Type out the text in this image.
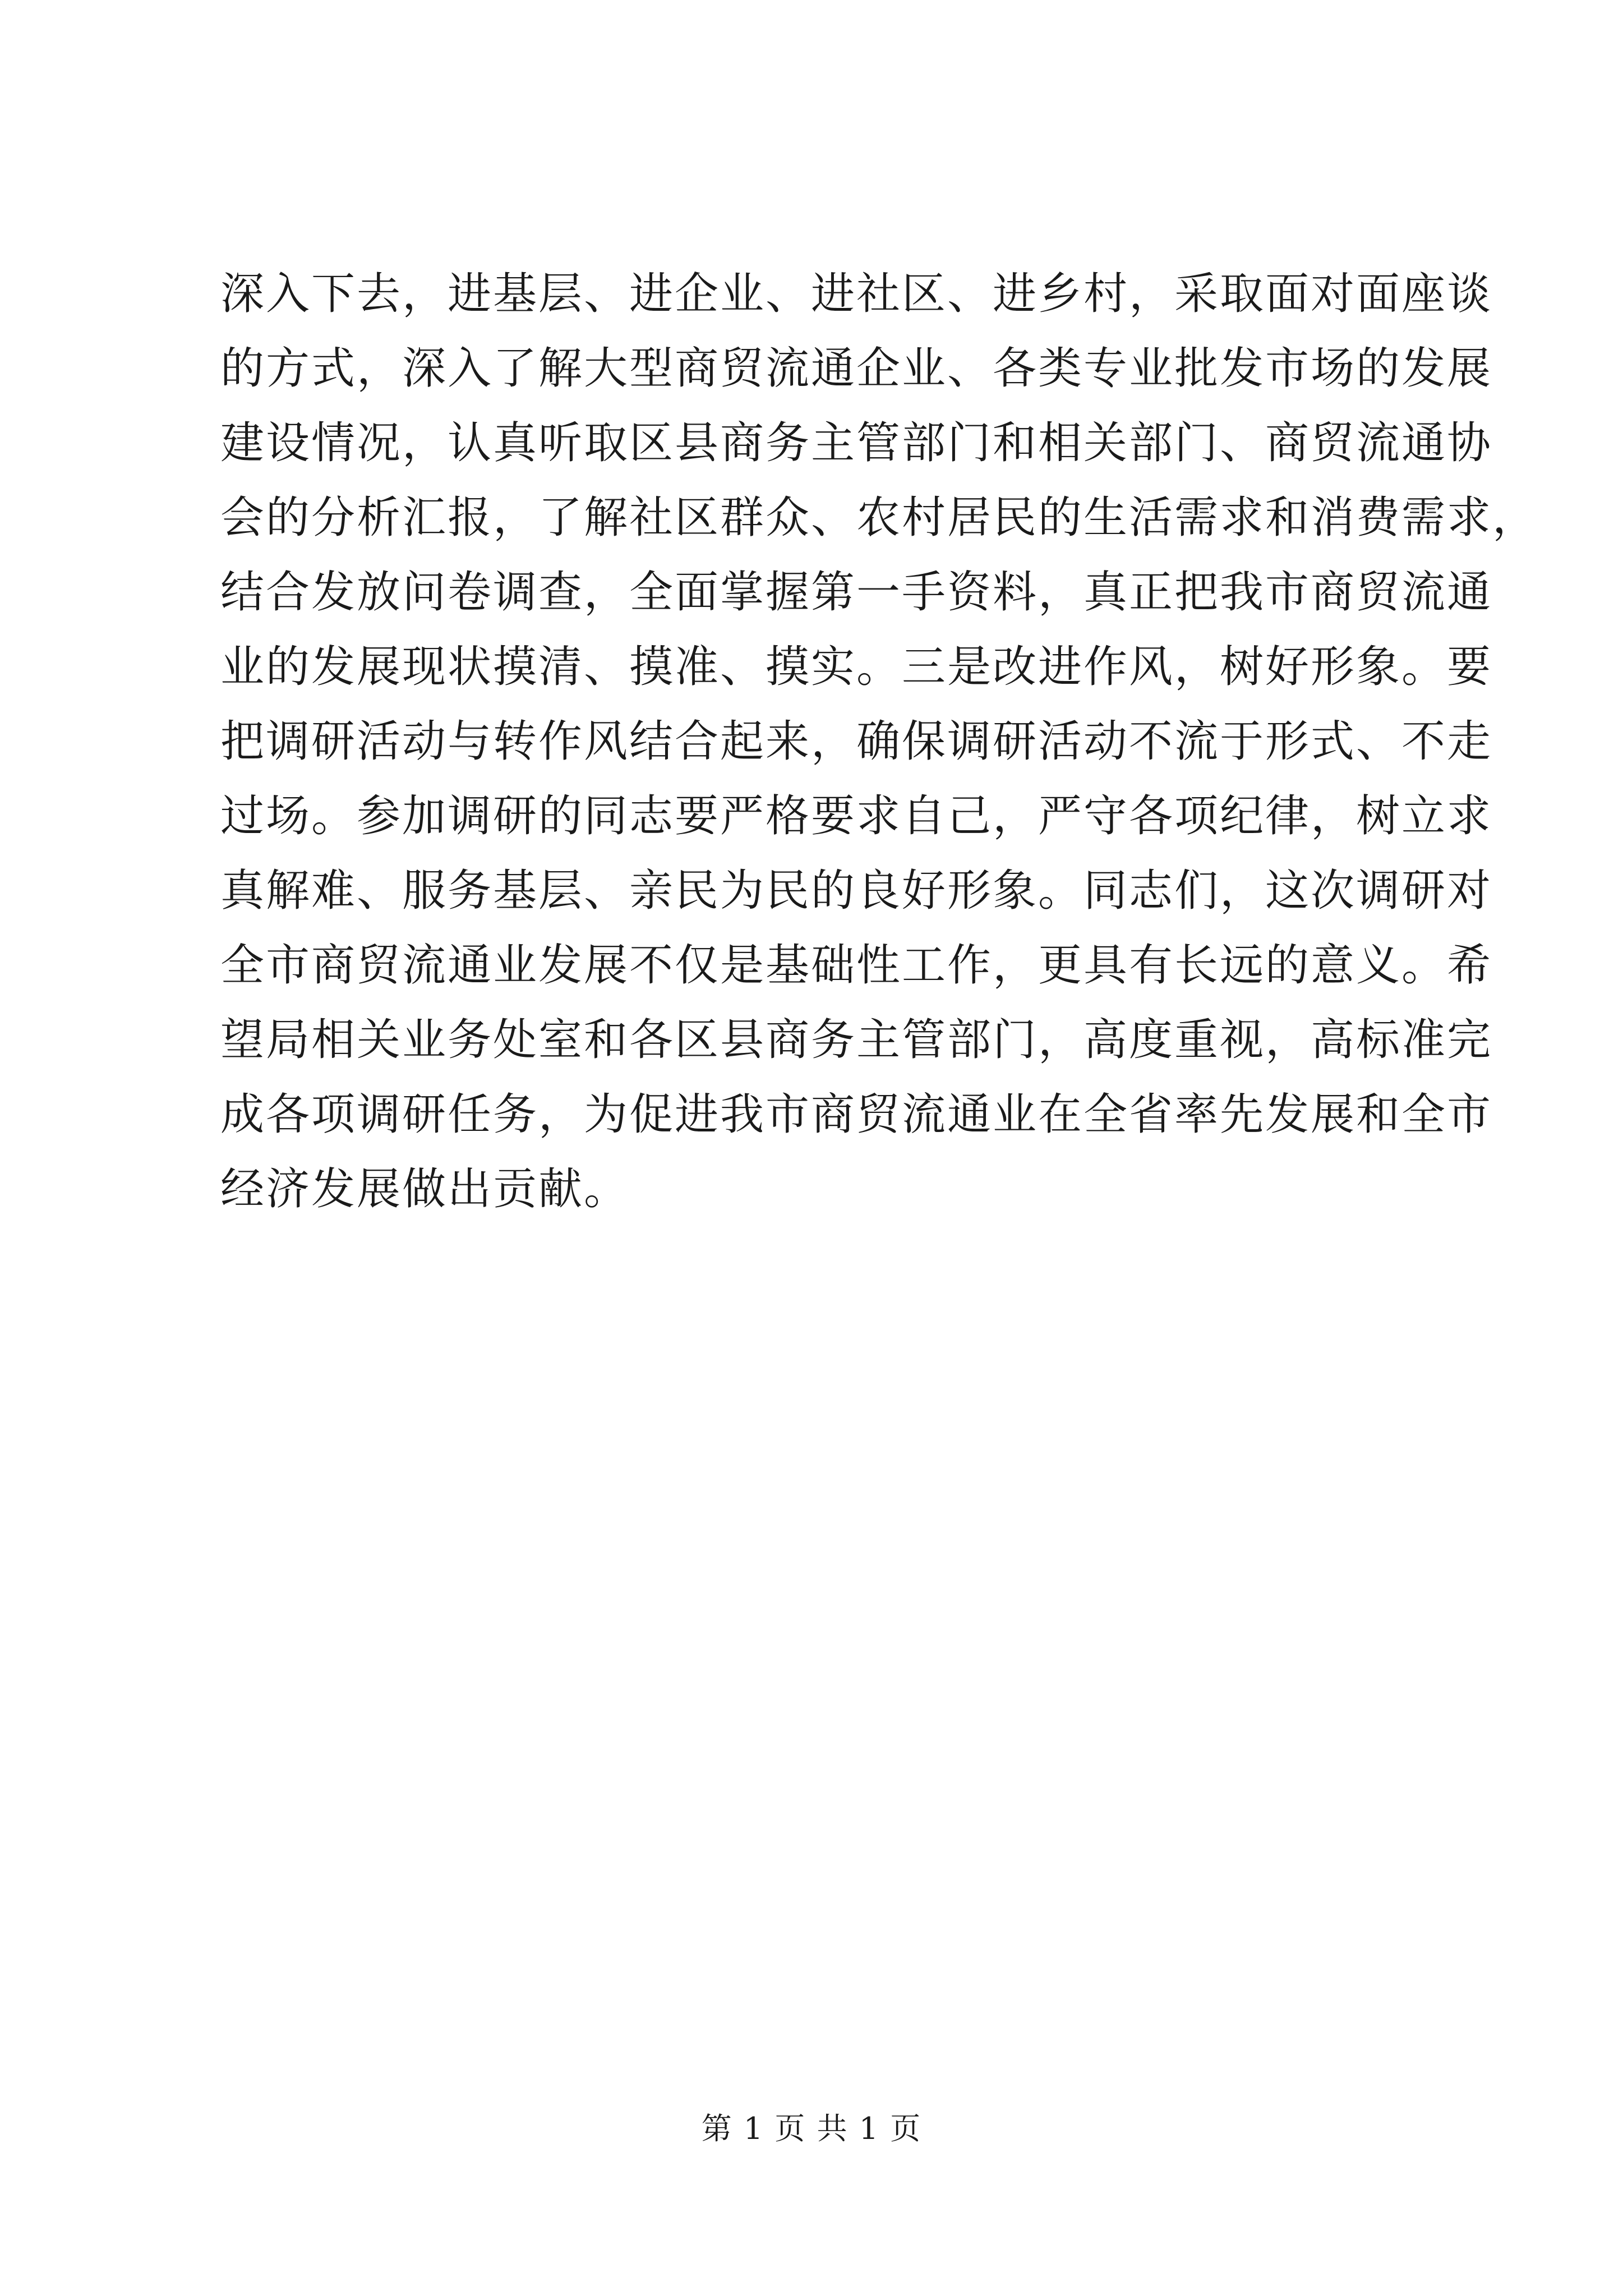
深入下去，进基层、进企业、进社区、进乡村，采取面对面座谈
的方式，深入了解大型商贸流通企业、各类专业批发市场的发展
建设情况，认真听取区县商务主管部门和相关部门、商贸流通协
会的分析汇报，了解社区群众、农村居民的生活需求和消费需求，
结合发放问卷调查，全面掌握第一手资料，真正把我市商贸流通
业的发展现状摸清、摸准、摸实。三是改进作风，树好形象。要
把调研活动与转作风结合起来，确保调研活动不流于形式、不走
过场。参加调研的同志要严格要求自己，严守各项纪律，树立求
真解难、服务基层、亲民为民的良好形象。同志们，这次调研对
全市商贸流通业发展不仅是基础性工作，更具有长远的意义。希
望局相关业务处室和各区县商务主管部门，高度重视，高标准完
成各项调研任务，为促进我市商贸流通业在全省率先发展和全市
经济发展做出贡献。
第 1 页 共 1 页
